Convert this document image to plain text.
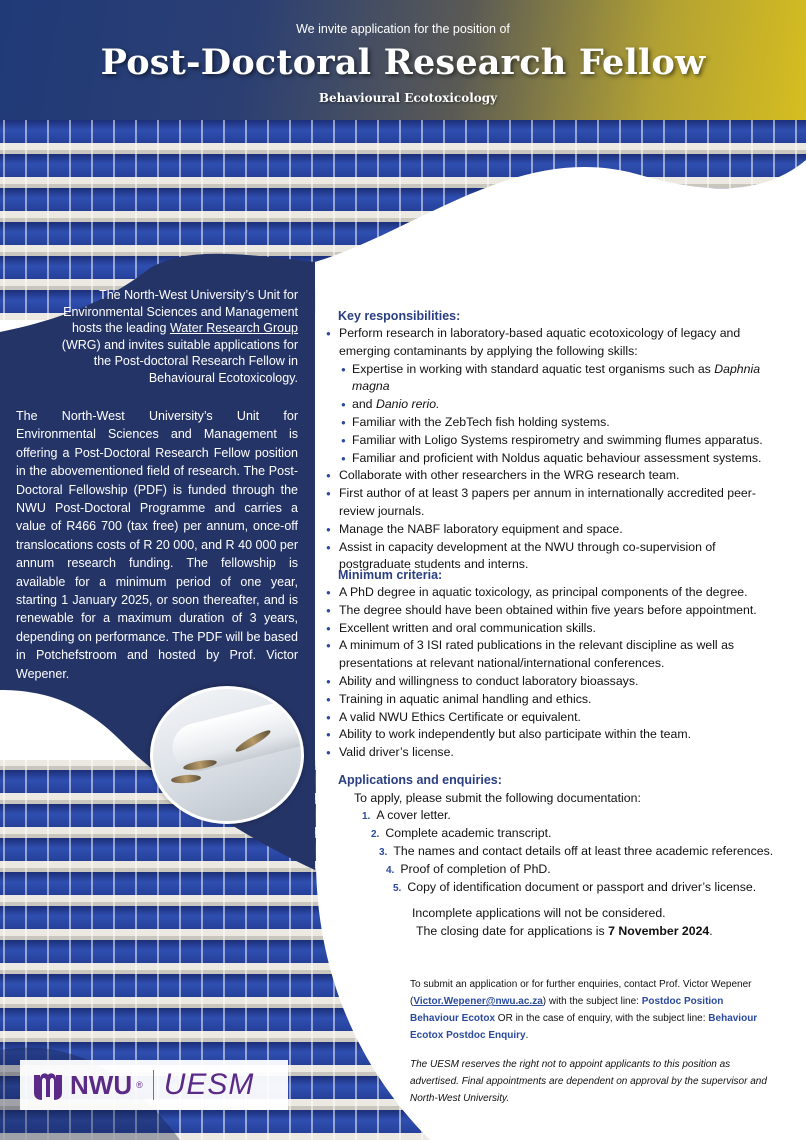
We invite application for the position of
Post-Doctoral Research Fellow
Behavioural Ecotoxicology
The North-West University’s Unit for Environmental Sciences and Management hosts the leading Water Research Group (WRG) and invites suitable applications for the Post-doctoral Research Fellow in Behavioural Ecotoxicology.
The North-West University’s Unit for Environmental Sciences and Management is offering a Post-Doctoral Research Fellow position in the abovementioned field of research. The Post-Doctoral Fellowship (PDF) is funded through the NWU Post-Doctoral Programme and carries a value of R466 700 (tax free) per annum, once-off translocations costs of R 20 000, and R 40 000 per annum research funding. The fellowship is available for a minimum period of one year, starting 1 January 2025, or soon thereafter, and is renewable for a maximum duration of 3 years, depending on performance. The PDF will be based in Potchefstroom and hosted by Prof. Victor Wepener.
Key responsibilities:
● Perform research in laboratory-based aquatic ecotoxicology of legacy and emerging contaminants by applying the following skills:
● Expertise in working with standard aquatic test organisms such as Daphnia magna
● and Danio rerio.
● Familiar with the ZebTech fish holding systems.
● Familiar with Loligo Systems respirometry and swimming flumes apparatus.
● Familiar and proficient with Noldus aquatic behaviour assessment systems.
● Collaborate with other researchers in the WRG research team.
● First author of at least 3 papers per annum in internationally accredited peer-review journals.
● Manage the NABF laboratory equipment and space.
● Assist in capacity development at the NWU through co-supervision of postgraduate students and interns.
Minimum criteria:
● A PhD degree in aquatic toxicology, as principal components of the degree.
● The degree should have been obtained within five years before appointment.
● Excellent written and oral communication skills.
● A minimum of 3 ISI rated publications in the relevant discipline as well as presentations at relevant national/international conferences.
● Ability and willingness to conduct laboratory bioassays.
● Training in aquatic animal handling and ethics.
● A valid NWU Ethics Certificate or equivalent.
● Ability to work independently but also participate within the team.
● Valid driver’s license.
Applications and enquiries:
To apply, please submit the following documentation:
1. A cover letter.
2. Complete academic transcript.
3. The names and contact details off at least three academic references.
4. Proof of completion of PhD.
5. Copy of identification document or passport and driver’s license.
Incomplete applications will not be considered.
The closing date for applications is 7 November 2024.
To submit an application or for further enquiries, contact Prof. Victor Wepener (Victor.Wepener@nwu.ac.za) with the subject line: Postdoc Position Behaviour Ecotox OR in the case of enquiry, with the subject line: Behaviour Ecotox Postdoc Enquiry.
The UESM reserves the right not to appoint applicants to this position as advertised. Final appointments are dependent on approval by the supervisor and North-West University.
NWU ® UESM
